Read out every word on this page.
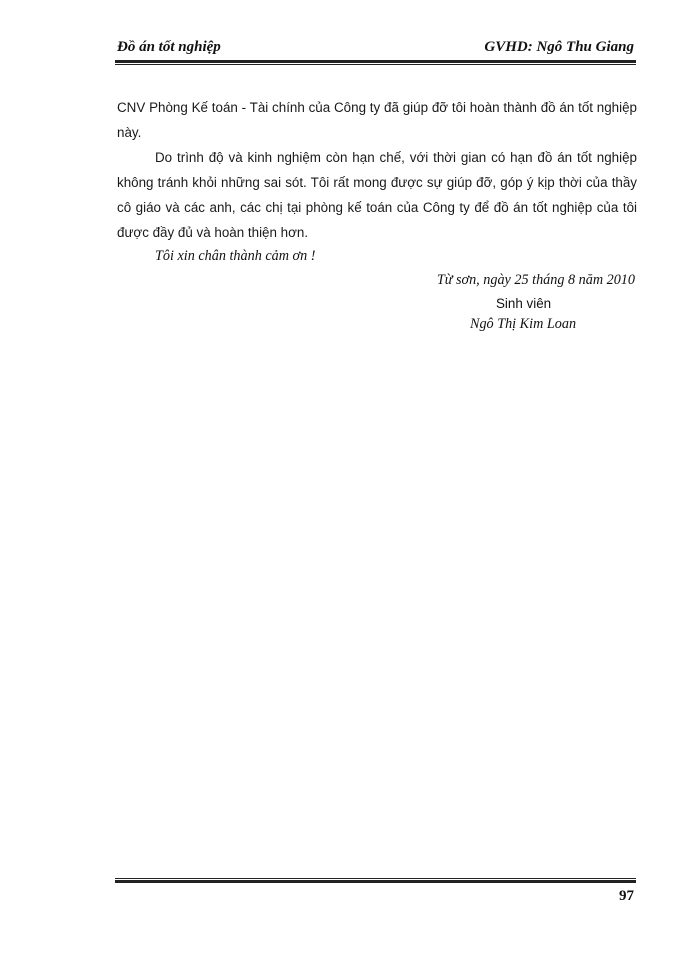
Đồ án tốt nghiệp	GVHD: Ngô Thu Giang

CNV Phòng Kế toán - Tài chính của Công ty đã giúp đỡ tôi hoàn thành đồ án tốt nghiệp này.

Do trình độ và kinh nghiệm còn hạn chế, với thời gian có hạn đồ án tốt nghiệp không tránh khỏi những sai sót. Tôi rất mong được sự giúp đỡ, góp ý kịp thời của thầy cô giáo và các anh, các chị tại phòng kế toán của Công ty để đồ án tốt nghiệp của tôi được đầy đủ và hoàn thiện hơn.

Tôi xin chân thành cảm ơn !
Từ sơn, ngày 25 tháng 8 năm 2010
Sinh viên
Ngô Thị Kim Loan
97
